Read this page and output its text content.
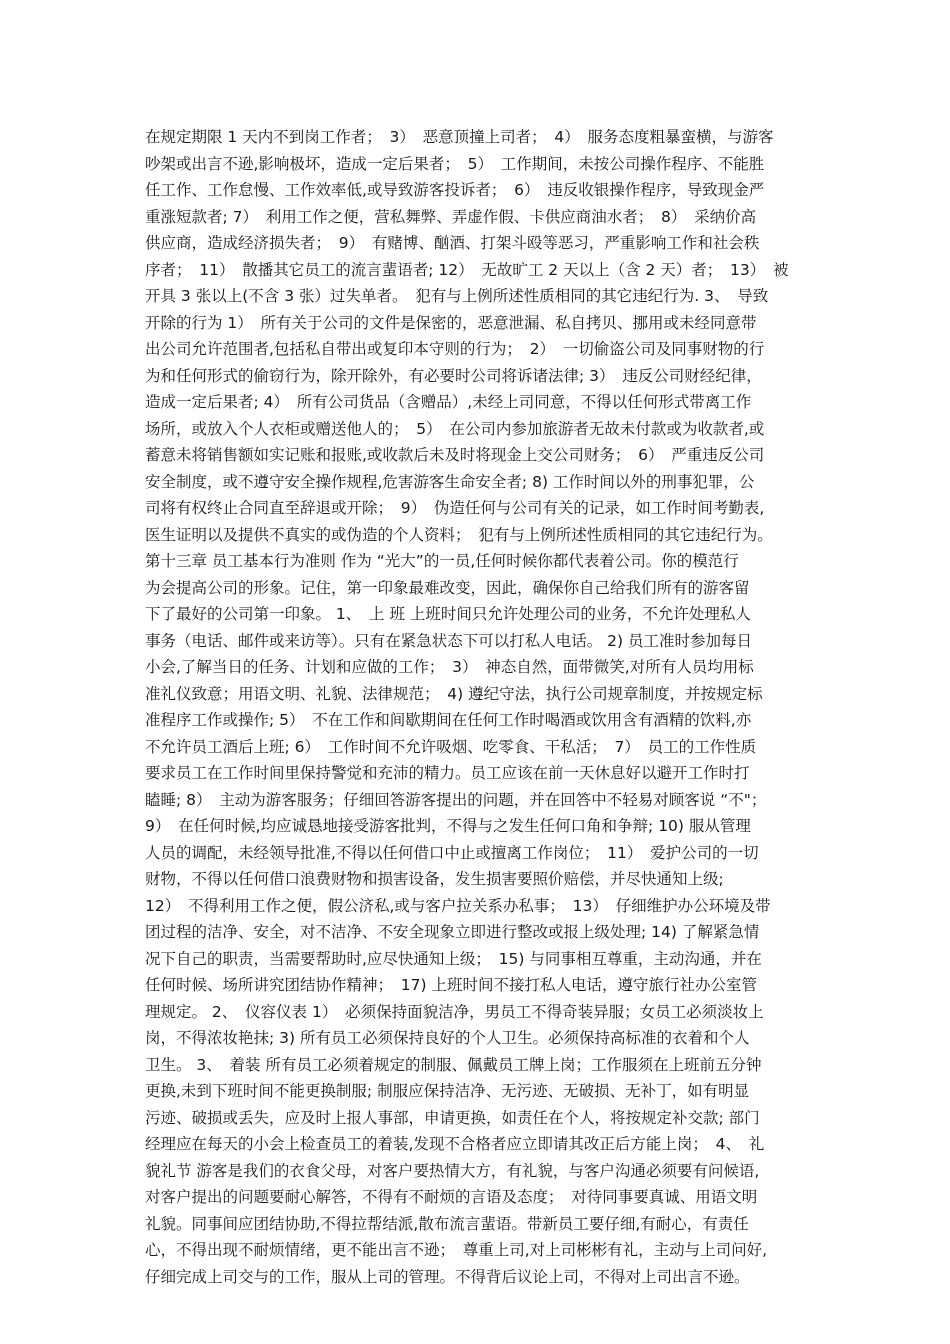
在规定期限 1 天内不到岗工作者；　3）　恶意顶撞上司者；　4）　服务态度粗暴蛮横，与游客
吵架或出言不逊,影响极坏，造成一定后果者；　5）　工作期间，未按公司操作程序、不能胜
任工作、工作怠慢、工作效率低,或导致游客投诉者；　6）　违反收银操作程序，导致现金严
重涨短款者; 7）　利用工作之便，营私舞弊、弄虚作假、卡供应商油水者；　8）　采纳价高
供应商，造成经济损失者；　9）　有赌博、酗酒、打架斗殴等恶习，严重影响工作和社会秩
序者；　11）　散播其它员工的流言蜚语者; 12）　无故旷工 2 天以上（含 2 天）者；　13）　被
开具 3 张以上(不含 3 张）过失单者。　犯有与上例所述性质相同的其它违纪行为. 3、　导致
开除的行为 1）　所有关于公司的文件是保密的，恶意泄漏、私自拷贝、挪用或未经同意带
出公司允许范围者,包括私自带出或复印本守则的行为；　2）　一切偷盗公司及同事财物的行
为和任何形式的偷窃行为，除开除外，有必要时公司将诉诸法律; 3）　违反公司财经纪律，
造成一定后果者; 4）　所有公司货品（含赠品）,未经上司同意，不得以任何形式带离工作
场所，或放入个人衣柜或赠送他人的；　5）　在公司内参加旅游者无故未付款或为收款者,或
蓄意未将销售额如实记账和报账,或收款后未及时将现金上交公司财务；　6）　严重违反公司
安全制度，或不遵守安全操作规程,危害游客生命安全者; 8) 工作时间以外的刑事犯罪，公
司将有权终止合同直至辞退或开除；　9）　伪造任何与公司有关的记录，如工作时间考勤表,
医生证明以及提供不真实的或伪造的个人资料；　犯有与上例所述性质相同的其它违纪行为。
第十三章 员工基本行为准则 作为 “光大”的一员,任何时候你都代表着公司。你的模范行
为会提高公司的形象。记住，第一印象最难改变，因此，确保你自己给我们所有的游客留
下了最好的公司第一印象。 1、　上 班 上班时间只允许处理公司的业务，不允许处理私人
事务（电话、邮件或来访等）。只有在紧急状态下可以打私人电话。 2) 员工准时参加每日
小会,了解当日的任务、计划和应做的工作；　3）　神态自然，面带微笑,对所有人员均用标
准礼仪致意；用语文明、礼貌、法律规范；　4) 遵纪守法，执行公司规章制度，并按规定标
准程序工作或操作; 5）　不在工作和间歇期间在任何工作时喝酒或饮用含有酒精的饮料,亦
不允许员工酒后上班; 6）　工作时间不允许吸烟、吃零食、干私活；　7）　员工的工作性质
要求员工在工作时间里保持警觉和充沛的精力。员工应该在前一天休息好以避开工作时打
瞌睡; 8）　主动为游客服务；仔细回答游客提出的问题，并在回答中不轻易对顾客说 “不"；
9）　在任何时候,均应诚恳地接受游客批判，不得与之发生任何口角和争辩; 10) 服从管理
人员的调配，未经领导批准,不得以任何借口中止或擅离工作岗位；　11）　爱护公司的一切
财物，不得以任何借口浪费财物和损害设备，发生损害要照价赔偿，并尽快通知上级;
12）　不得利用工作之便，假公济私,或与客户拉关系办私事；　13）　仔细维护办公环境及带
团过程的洁净、安全，对不洁净、不安全现象立即进行整改或报上级处理; 14) 了解紧急情
况下自己的职责，当需要帮助时,应尽快通知上级；　15) 与同事相互尊重，主动沟通，并在
任何时候、场所讲究团结协作精神；　17) 上班时间不接打私人电话，遵守旅行社办公室管
理规定。 2、　仪容仪表 1）　必须保持面貌洁净，男员工不得奇装异服；女员工必须淡妆上
岗，不得浓妆艳抹; 3) 所有员工必须保持良好的个人卫生。必须保持高标准的衣着和个人
卫生。 3、　着装 所有员工必须着规定的制服、佩戴员工牌上岗；工作服须在上班前五分钟
更换,未到下班时间不能更换制服; 制服应保持洁净、无污迹、无破损、无补丁，如有明显
污迹、破损或丢失，应及时上报人事部，申请更换，如责任在个人，将按规定补交款; 部门
经理应在每天的小会上检查员工的着装,发现不合格者应立即请其改正后方能上岗；　4、　礼
貌礼节 游客是我们的衣食父母，对客户要热情大方，有礼貌，与客户沟通必须要有问候语,
对客户提出的问题要耐心解答，不得有不耐烦的言语及态度；　对待同事要真诚、用语文明
礼貌。同事间应团结协助,不得拉帮结派,散布流言蜚语。带新员工要仔细,有耐心，有责任
心，不得出现不耐烦情绪，更不能出言不逊；　尊重上司,对上司彬彬有礼，主动与上司问好,
仔细完成上司交与的工作，服从上司的管理。不得背后议论上司，不得对上司出言不逊。
